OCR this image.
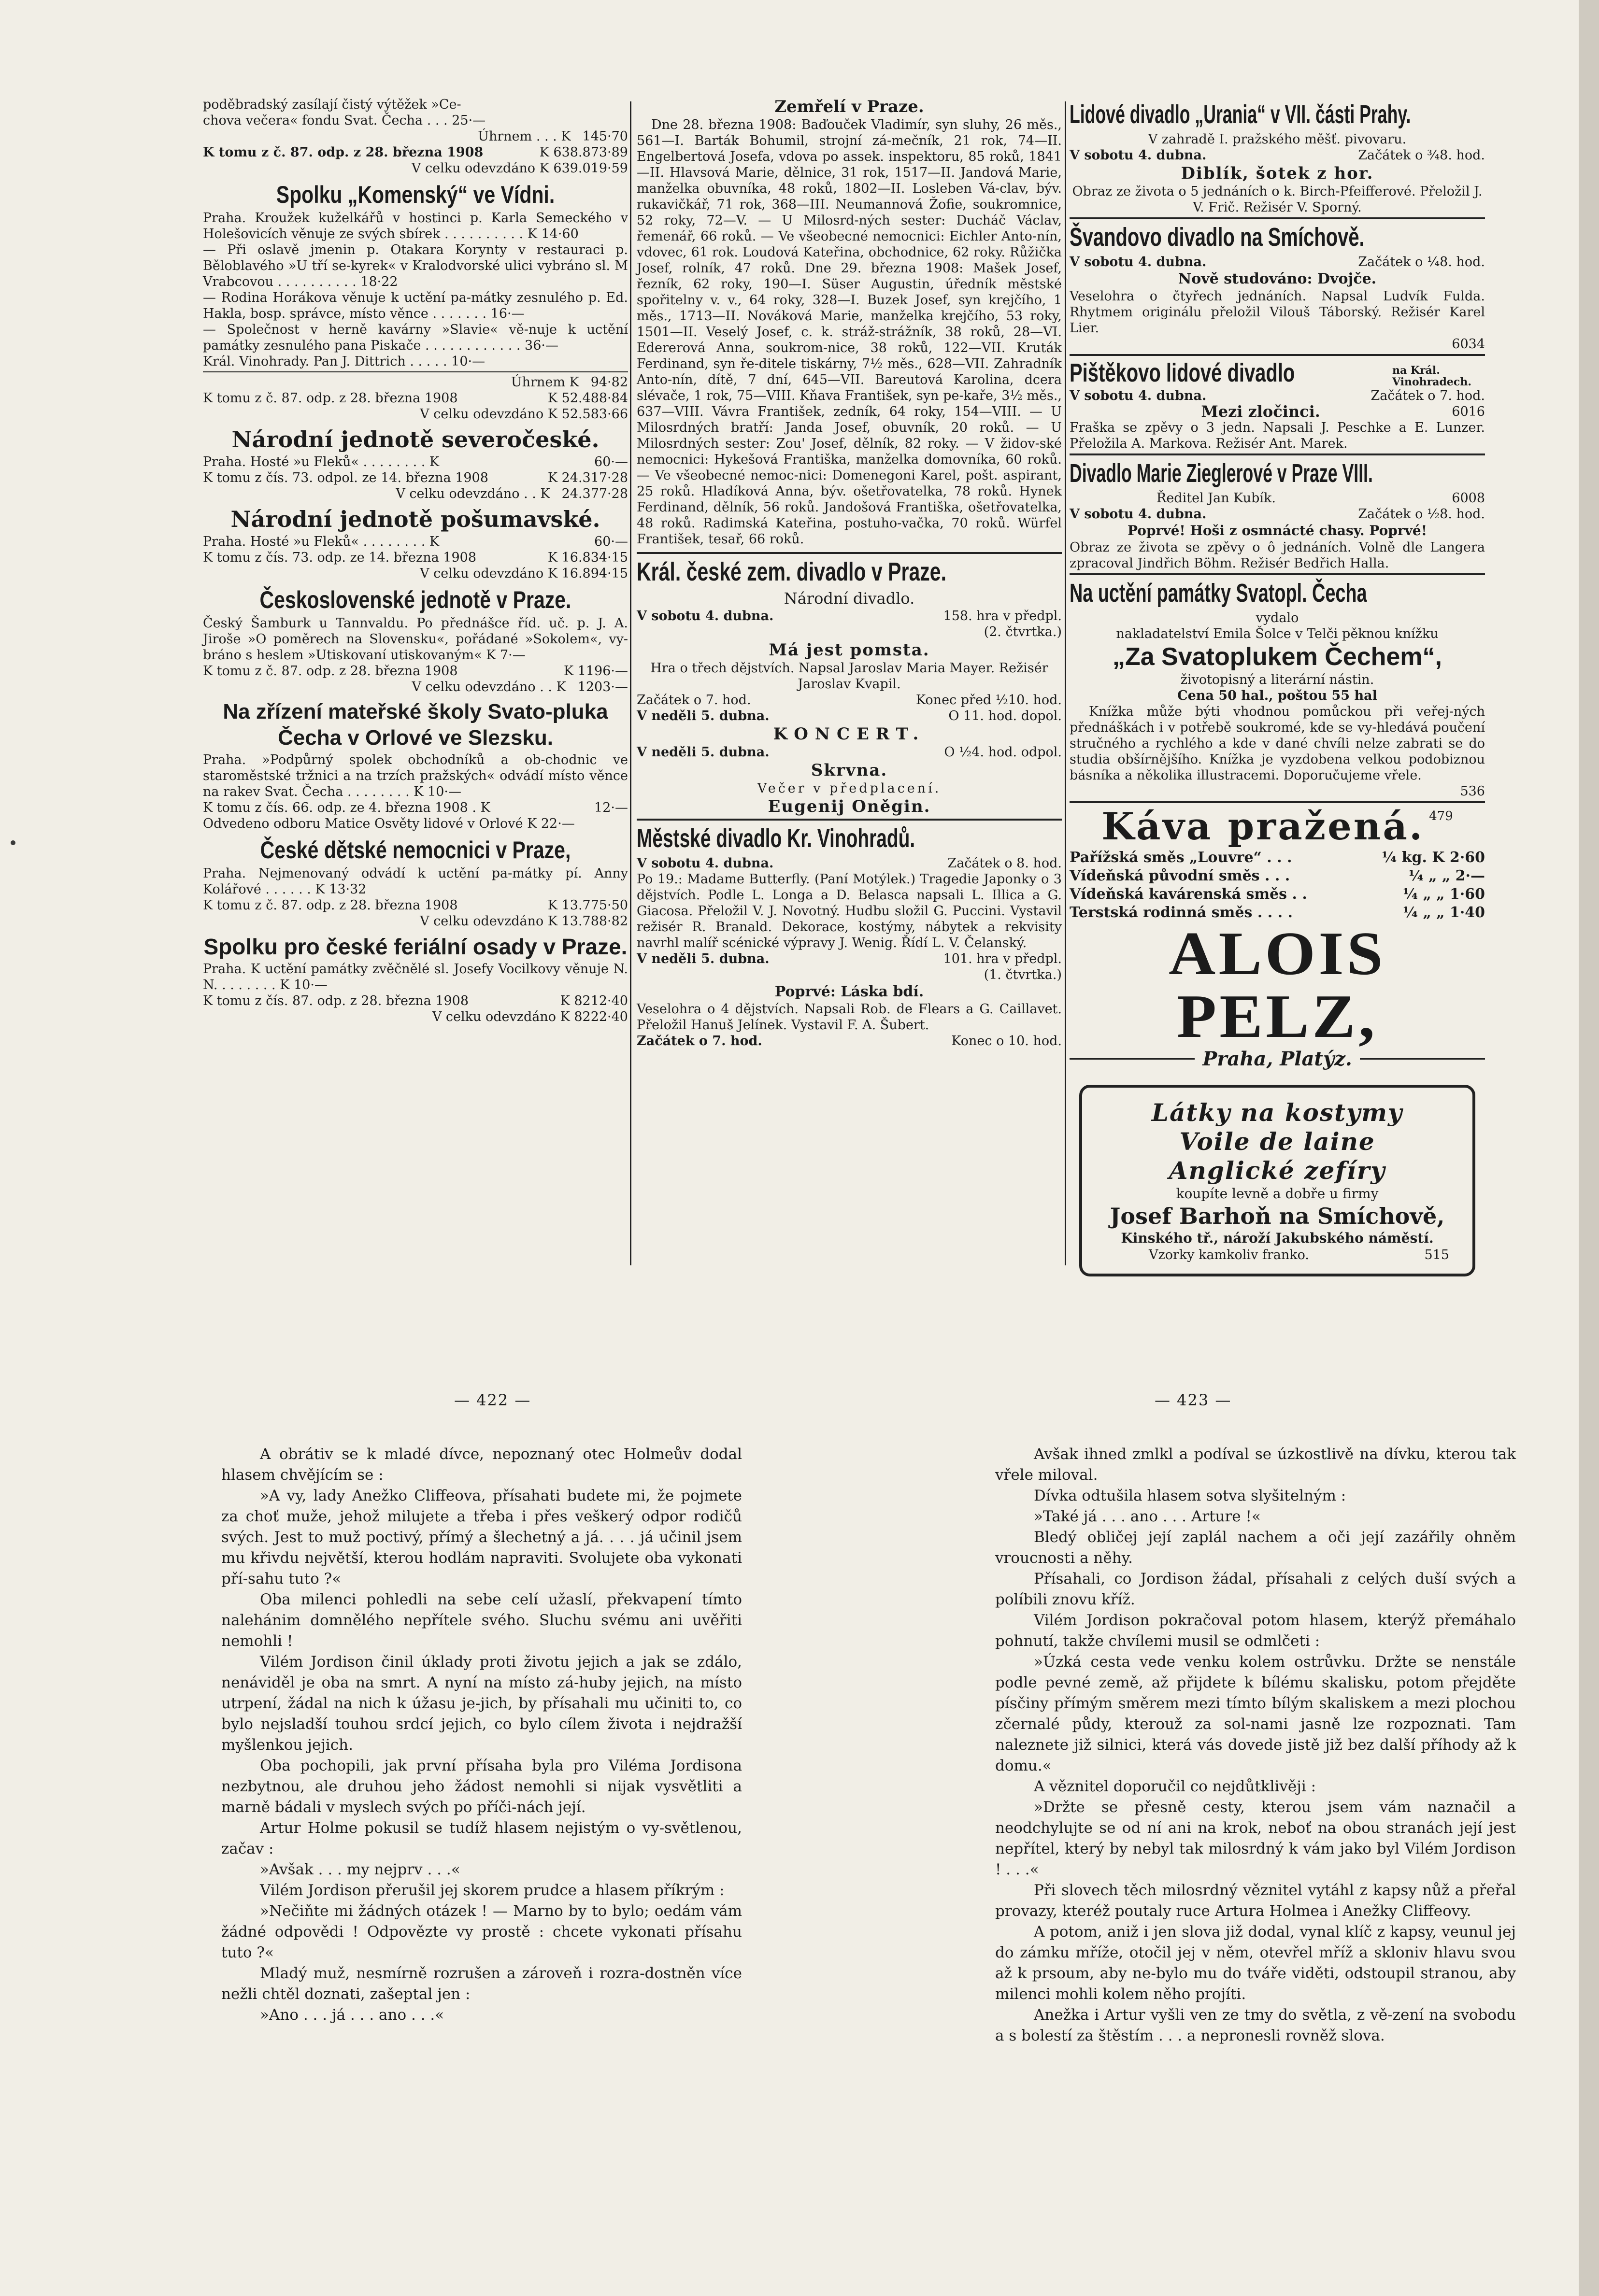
poděbradský zasílají čistý výtěžek »Ce-

chova večera« fondu Svat. Čecha . . . 25·—

Úhrnem . . . K 145·70
K tomu z č. 87. odp. z 28. března 1908	K 638.873·89

V celku odevzdáno K 639.019·59

Spolku „Komenský“ ve Vídni.

Praha. Kroužek kuželkářů v hostinci p. Karla Semeckého v Holešovicích věnuje ze svých sbírek . . . . . . . . . . K 14·60

— Při oslavě jmenin p. Otakara Korynty v restauraci p. Běloblavého »U tří se-kyrek« v Kralodvorské ulici vybráno sl. M Vrabcovou . . . . . . . . . . 18·22

— Rodina Horákova věnuje k uctění pa-mátky zesnulého p. Ed. Hakla, bosp. správce, místo věnce . . . . . . . 16·—

— Společnost v herně kavárny »Slavie« vě-nuje k uctění památky zesnulého pana Piskače . . . . . . . . . . . . 36·—

Král. Vinohrady. Pan J. Dittrich . . . . . 10·—

Úhrnem K 94·82
K tomu z č. 87. odp. z 28. března 1908	K 52.488·84

V celku odevzdáno K 52.583·66

Národní jednotě severočeské.
Praha. Hosté »u Fleků« . . . . . . . . K	60·—
K tomu z čís. 73. odpol. ze 14. března 1908	K 24.317·28
V celku odevzdáno . . K 24.377·28
Národní jednotě pošumavské.
Praha. Hosté »u Fleků« . . . . . . . . K	60·—
K tomu z čís. 73. odp. ze 14. března 1908	K 16.834·15

V celku odevzdáno K 16.894·15

Československé jednotě v Praze.

Český Šamburk u Tannvaldu. Po přednášce říd. uč. p. J. A. Jiroše »O poměrech na Slovensku«, pořádané »Sokolem«, vy-bráno s heslem »Utiskovaní utiskovaným« K 7·—

K tomu z č. 87. odp. z 28. března 1908	K 1196·—
V celku odevzdáno . . K 1203·—
Na zřízení mateřské školy Svato-pluka Čecha v Orlové ve Slezsku.

Praha. »Podpůrný spolek obchodníků a ob-chodnic ve staroměstské tržnici a na trzích pražských« odvádí místo věnce na rakev Svat. Čecha . . . . . . . . K 10·—

K tomu z čís. 66. odp. ze 4. března 1908 . K	12·—

Odvedeno odboru Matice Osvěty lidové v Orlové K 22·—

České dětské nemocnici v Praze,

Praha. Nejmenovaný odvádí k uctění pa-mátky pí. Anny Kolářové . . . . . . K 13·32

K tomu z č. 87. odp. z 28. března 1908	K 13.775·50

V celku odevzdáno K 13.788·82

Spolku pro české feriální osady v Praze.

Praha. K uctění památky zvěčnělé sl. Josefy Vocilkovy věnuje N. N. . . . . . . . K 10·—

K tomu z čís. 87. odp. z 28. března 1908	K 8212·40

V celku odevzdáno K 8222·40

Zemřelí v Praze.

Dne 28. března 1908: Baďouček Vladimír, syn sluhy, 26 měs., 561—I. Barták Bohumil, strojní zá-mečník, 21 rok, 74—II. Engelbertová Josefa, vdova po assek. inspektoru, 85 roků, 1841—II. Hlavsová Marie, dělnice, 31 rok, 1517—II. Jandová Marie, manželka obuvníka, 48 roků, 1802—II. Losleben Vá-clav, býv. rukavičkář, 71 rok, 368—III. Neumannová Žofie, soukromnice, 52 roky, 72—V. — U Milosrd-ných sester: Ducháč Václav, řemenář, 66 roků. — Ve všeobecné nemocnici: Eichler Anto-nín, vdovec, 61 rok. Loudová Kateřina, obchodnice, 62 roky. Růžička Josef, rolník, 47 roků. Dne 29. března 1908: Mašek Josef, řezník, 62 roky, 190—I. Süser Augustin, úředník městské spořitelny v. v., 64 roky, 328—I. Buzek Josef, syn krejčího, 1 měs., 1713—II. Nováková Marie, manželka krejčího, 53 roky, 1501—II. Veselý Josef, c. k. stráž-strážník, 38 roků, 28—VI. Edererová Anna, soukrom-nice, 38 roků, 122—VII. Kruták Ferdinand, syn ře-ditele tiskárny, 7½ měs., 628—VII. Zahradník Anto-nín, dítě, 7 dní, 645—VII. Bareutová Karolina, dcera slévače, 1 rok, 75—VIII. Kňava František, syn pe-kaře, 3½ měs., 637—VIII. Vávra František, zedník, 64 roky, 154—VIII. — U Milosrdných bratří: Janda Josef, obuvník, 20 roků. — U Milosrdných sester: Zou' Josef, dělník, 82 roky. — V židov-ské nemocnici: Hykešová Františka, manželka domovníka, 60 roků. — Ve všeobecné nemoc-nici: Domenegoni Karel, pošt. aspirant, 25 roků. Hladíková Anna, býv. ošetřovatelka, 78 roků. Hynek Ferdinand, dělník, 56 roků. Jandošová Františka, ošetřovatelka, 48 roků. Radimská Kateřina, postuho-vačka, 70 roků. Würfel František, tesař, 66 roků.

Král. české zem. divadlo v Praze.
Národní divadlo.
V sobotu 4. dubna.	158. hra v předpl.

(2. čtvrtka.)

Má jest pomsta.

Hra o třech dějstvích. Napsal Jaroslav Maria Mayer. Režisér Jaroslav Kvapil.

Začátek o 7. hod.	Konec před ½10. hod.
V neděli 5. dubna.	O 11. hod. dopol.
KONCERT.
V neděli 5. dubna.	O ½4. hod. odpol.
Skrvna.

Večer v předplacení.

Eugenij Oněgin.
Městské divadlo Kr. Vinohradů.
V sobotu 4. dubna.	Začátek o 8. hod.

Po 19.: Madame Butterfly. (Paní Motýlek.) Tragedie Japonky o 3 dějstvích. Podle L. Longa a D. Belasca napsali L. Illica a G. Giacosa. Přeložil V. J. Novotný. Hudbu složil G. Puccini. Vystavil režisér R. Branald. Dekorace, kostýmy, nábytek a rekvisity navrhl malíř scénické výpravy J. Wenig. Řídí L. V. Čelanský.

V neděli 5. dubna.	101. hra v předpl.

(1. čtvrtka.)

Poprvé: Láska bdí.

Veselohra o 4 dějstvích. Napsali Rob. de Flears a G. Caillavet. Přeložil Hanuš Jelínek. Vystavil F. A. Šubert.

Začátek o 7. hod.	Konec o 10. hod.
Lidové divadlo „Urania“ v VII. části Prahy.

V zahradě I. pražského měšť. pivovaru.

V sobotu 4. dubna.	Začátek o ¾8. hod.
Diblík, šotek z hor.

Obraz ze života o 5 jednáních o k. Birch-Pfeifferové. Přeložil J. V. Frič. Režisér V. Sporný.

Švandovo divadlo na Smíchově.
V sobotu 4. dubna.	Začátek o ¼8. hod.
Nově studováno: Dvojče.

Veselohra o čtyřech jednáních. Napsal Ludvík Fulda. Rhytmem originálu přeložil Vilouš Táborský. Režisér Karel Lier.

6034

Pištěkovo lidové divadlo	na Král. Vinohradech.
V sobotu 4. dubna.	Začátek o 7. hod.
Mezi zločinci.	6016

Fraška se zpěvy o 3 jedn. Napsali J. Peschke a E. Lunzer. Přeložila A. Markova. Režisér Ant. Marek.

Divadlo Marie Zieglerové v Praze VIII.
Ředitel Jan Kubík.	6008
V sobotu 4. dubna.	Začátek o ½8. hod.
Poprvé! Hoši z osmnácté chasy. Poprvé!

Obraz ze života se zpěvy o ô jednáních. Volně dle Langera zpracoval Jindřich Böhm. Režisér Bedřich Halla.

Na uctění památky Svatopl. Čecha

vydalo

nakladatelství Emila Šolce v Telči pěknou knížku

„Za Svatoplukem Čechem“,

životopisný a literární nástin.

Cena 50 hal., poštou 55 hal

Knížka může býti vhodnou pomůckou při veřej-ných přednáškách i v potřebě soukromé, kde se vy-hledává poučení stručného a rychlého a kde v dané chvíli nelze zabrati se do studia obšírnějšího. Knížka je vyzdobena velkou podobiznou básníka a několika illustracemi. Doporučujeme vřele.

536

Káva pražená. 479
Pařížská směs „Louvre“ . . .	¼ kg. K 2·60
Vídeňská původní směs . . .	¼ „ „ 2·—
Vídeňská kavárenská směs . .	¼ „ „ 1·60
Terstská rodinná směs . . . .	¼ „ „ 1·40
ALOIS PELZ,
Praha, Platýz.
Látky na kostymy
Voile de laine
Anglické zefíry
koupíte levně a dobře u firmy
Josef Barhoň na Smíchově,
Kinského tř., nároží Jakubského náměstí.
Vzorky kamkoliv franko.	515
— 422 —	— 423 —

A obrátiv se k mladé dívce, nepoznaný otec Holmeův dodal hlasem chvějícím se :

»A vy, lady Anežko Cliffeova, přísahati budete mi, že pojmete za choť muže, jehož milujete a třeba i přes veškerý odpor rodičů svých. Jest to muž poctivý, přímý a šlechetný a já. . . . já učinil jsem mu křivdu největší, kterou hodlám napraviti. Svolujete oba vykonati pří-sahu tuto ?«

Oba milenci pohledli na sebe celí užaslí, překvapení tímto nalehánim domnělého nepřítele svého. Sluchu svému ani uvěřiti nemohli !

Vilém Jordison činil úklady proti životu jejich a jak se zdálo, nenáviděl je oba na smrt. A nyní na místo zá-huby jejich, na místo utrpení, žádal na nich k úžasu je-jich, by přísahali mu učiniti to, co bylo nejsladší touhou srdcí jejich, co bylo cílem života i nejdražší myšlenkou jejich.

Oba pochopili, jak první přísaha byla pro Viléma Jordisona nezbytnou, ale druhou jeho žádost nemohli si nijak vysvětliti a marně bádali v myslech svých po příči-nách její.

Artur Holme pokusil se tudíž hlasem nejistým o vy-světlenou, začav :

»Avšak . . . my nejprv . . .«

Vilém Jordison přerušil jej skorem prudce a hlasem příkrým :

»Nečiňte mi žádných otázek ! — Marno by to bylo; oedám vám žádné odpovědi ! Odpovězte vy prostě : chcete vykonati přísahu tuto ?«

Mladý muž, nesmírně rozrušen a zároveň i rozra-dostněn více nežli chtěl doznati, zašeptal jen :

»Ano . . . já . . . ano . . .«

Avšak ihned zmlkl a podíval se úzkostlivě na dívku, kterou tak vřele miloval.

Dívka odtušila hlasem sotva slyšitelným :

»Také já . . . ano . . . Arture !«

Bledý obličej její zaplál nachem a oči její zazářily ohněm vroucnosti a něhy.

Přísahali, co Jordison žádal, přísahali z celých duší svých a políbili znovu kříž.

Vilém Jordison pokračoval potom hlasem, kterýž přemáhalo pohnutí, takže chvílemi musil se odmlčeti :

»Úzká cesta vede venku kolem ostrůvku. Držte se nenstále podle pevné země, až přijdete k bílému skalisku, potom přejděte písčiny přímým směrem mezi tímto bílým skaliskem a mezi plochou zčernalé půdy, kterouž za sol-nami jasně lze rozpoznati. Tam naleznete již silnici, která vás dovede jistě již bez další příhody až k domu.«

A věznitel doporučil co nejdůtklivěji :

»Držte se přesně cesty, kterou jsem vám naznačil a neodchylujte se od ní ani na krok, neboť na obou stranách její jest nepřítel, který by nebyl tak milosrdný k vám jako byl Vilém Jordison ! . . .«

Při slovech těch milosrdný věznitel vytáhl z kapsy nůž a přeřal provazy, kteréž poutaly ruce Artura Holmea i Anežky Cliffeovy.

A potom, aniž i jen slova již dodal, vynal klíč z kapsy, veunul jej do zámku mříže, otočil jej v něm, otevřel mříž a skloniv hlavu svou až k prsoum, aby ne-bylo mu do tváře viděti, odstoupil stranou, aby milenci mohli kolem něho projíti.

Anežka i Artur vyšli ven ze tmy do světla, z vě-zení na svobodu a s bolestí za štěstím . . . a nepronesli rovněž slova.
